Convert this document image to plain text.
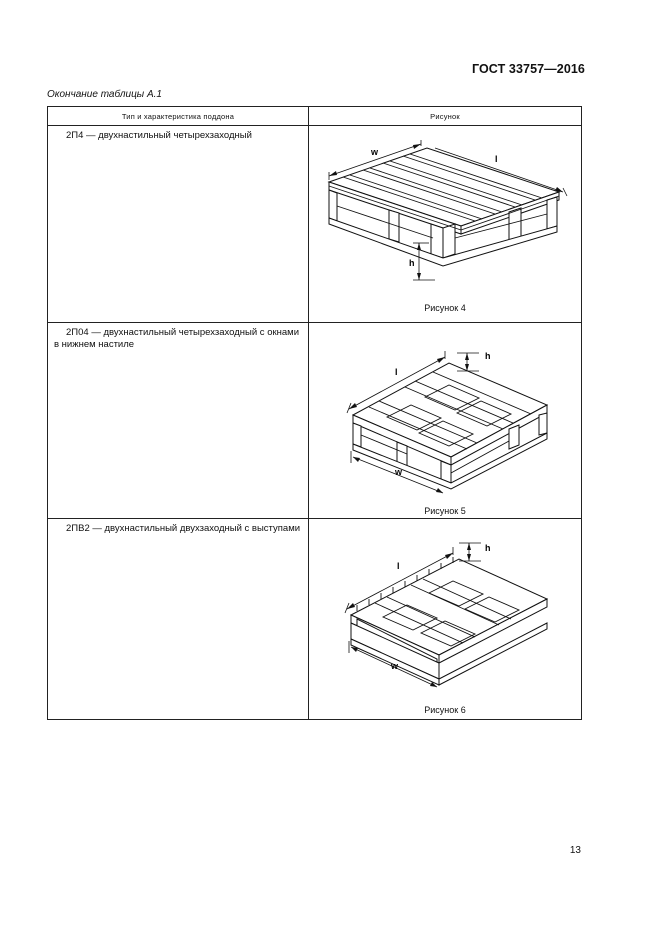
ГОСТ 33757—2016
Окончание таблицы А.1
Тип и характеристика поддона	Рисунок

2П4 — двухнастильный четырехзаходный	w
l
h
Рисунок 4

2П04 — двухнастильный четырехзаходный с окнами в нижнем настиле	l
h
w
Рисунок 5

2ПВ2 — двухнастильный двухзаходный с выступами	l
h
w
Рисунок 6
13
